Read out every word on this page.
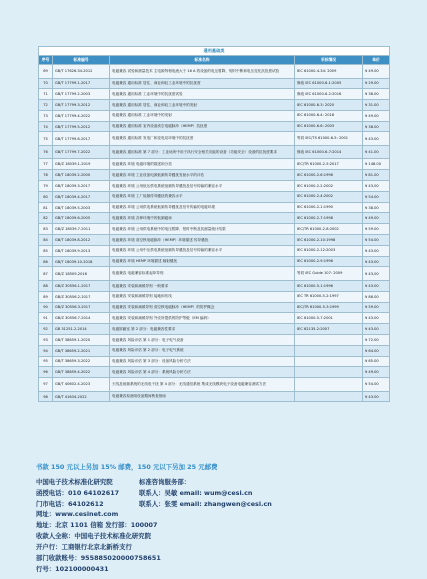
通用基础类				
序号	标准编号	标准名称	采标情况	单价
69	GB/T 17626.34-2012	电磁兼容 试验和测量技术 主电源每相电流大于 16 A 的设备的电压暂降、短时中断和电压变化抗扰度试验	IEC 61000-4-34: 2009	¥ 49.00
70	GB/T 17799.1-2017	电磁兼容 通用标准 居住、商业和轻工业环境中的抗扰度	修改 IEC 61000-6-1:2005	¥ 29.00
71	GB/T 17799.2-2003	电磁兼容 通用标准 工业环境中的抗扰度试验	修改 IEC 61000-6-2:2016	¥ 38.00
72	GB/T 17799.3-2012	电磁兼容 通用标准 居住、商业和轻工业环境中的发射	IEC 61000-6-3: 2020	¥ 31.00
73	GB/T 17799.4-2022	电磁兼容 通用标准 工业环境中的发射	IEC 61000-6-4: 2018	¥ 49.00
74	GB/T 17799.5-2012	电磁兼容 通用标准 室内设备高空电磁脉冲（HEMP）抗扰度	IEC 61000-6-6: 2003	¥ 38.00
75	GB/T 17799.6-2017	电磁兼容 通用标准 发电厂和变电站环境中的抗扰度	等同 IEC/TS 61000-6-5: 2001	¥ 43.00
76	GB/T 17799.7-2022	电磁兼容 通用标准 第 7 部分：工业场所中用于执行安全相关功能的设备（功能安全）设备的抗扰度要求	修改 IEC 61000-6-7:2014	¥ 41.00
77	GB/Z 18039.1-2019	电磁兼容 环境 电磁环境的描述和分类	IEC/TR 61000-2-5:2017	¥ 148.00
78	GB/T 18039.2-2000	电磁兼容 环境 工业设备电源低频传导骚扰发射水平的评估	IEC 61000-2-6:1996	¥ 81.00
79	GB/T 18039.3-2017	电磁兼容 环境 公用低压供电系统低频传导骚扰及信号传输的兼容水平	IEC 61000-2-2:2002	¥ 43.00
80	GB/T 18039.4-2017	电磁兼容 环境 工厂低频传导骚扰的兼容水平	IEC 61000-2-4:2002	¥ 54.00
81	GB/T 18039.5-2003	电磁兼容 环境 公用供电系统低频传导骚扰及信号传输的电磁环境	IEC 61000-2-1:1990	¥ 38.00
82	GB/T 18039.6-2005	电磁兼容 环境 各种环境中的低频磁场	IEC 61000-2-7:1998	¥ 49.00
83	GB/Z 18039.7-2011	电磁兼容 环境 公用供电系统中的电压暂降、短时中断及其测量统计结果	IEC/TR 61000-2-8:2002	¥ 59.00
84	GB/T 18039.8-2012	电磁兼容 环境 高空核电磁脉冲（HEMP）环境描述 传导骚扰	IEC 61000-2-10:1998	¥ 54.00
85	GB/T 18039.9-2013	电磁兼容 环境 公用中压供电系统低频传导骚扰及信号传输的兼容水平	IEC 61000-2-12:2003	¥ 43.00
86	GB/T 18039.10-2018	电磁兼容 环境 HEMP 环境描述 辐射骚扰	IEC 61000-2-9:1996	¥ 43.00
87	GB/Z 18509-2016	电磁兼容 电磁兼容标准起草导则	等同 IEC Guide 107: 2009	¥ 43.00
88	GB/Z 30556.1-2017	电磁兼容 安装和减缓导则 一般要求	IEC 61000-5-1:1996	¥ 43.00
89	GB/Z 30556.2-2017	电磁兼容 安装和减缓导则 接地和布线	IEC TR 61000-5-2:1997	¥ 86.00
90	GB/Z 30556.3-2017	电磁兼容 安装和减缓导则 高空核电磁脉冲（HEMP）的防护概念	IEC/TR 61000-5-3:1999	¥ 59.00
91	GB/Z 30556.7-2014	电磁兼容 安装和减缓导则 外壳所提供的防护等级（EM 编码）	IEC 61000-5-7:2001	¥ 43.00
92	GB 31251.2-2014	电磁屏蔽室 第 2 部分：电磁兼容性要求	IEC 62135-2:2007	¥ 43.00
93	GB/T 38659.1-2020	电磁兼容 风险评估 第 1 部分：电子电气设备		¥ 72.00
94	GB/T 38659.2-2021	电磁兼容 风险评估 第 2 部分：电子电气系统		¥ 64.00
95	GB/T 38659.3-2022	电磁兼容 风险评估 第 3 部分：设备风险分析方法		¥ 65.00
96	GB/T 38659.4-2022	电磁兼容 风险评估 第 4 部分：系统风险分析方法		¥ 49.00
97	GB/T 40602.4-2023	天线及射频系统的无线电干扰 第 4 部分：无线通信系统 集成无线模块电子设备电磁兼容测试方法		¥ 54.00
98	GB/T 41634-2022	电磁兼容检测用设备期间核查指南		¥ 43.00
书款 150 元以上另加 15% 邮费，150 元以下另加 25 元邮费
中国电子技术标准化研究院	标准咨询服务部：
函授电话：010 64102617	联系人：吴敏 email: wum@cesi.cn
门市电话：64102612	联系人：张雯 email: zhangwen@cesi.cn
网址：www.cesinet.com
地址：北京 1101 信箱 发行部：100007
收款人全称：中国电子技术标准化研究院
开户行：工商银行北京北新桥支行
部门收款账号：955885020000758651
行号：102100000431
